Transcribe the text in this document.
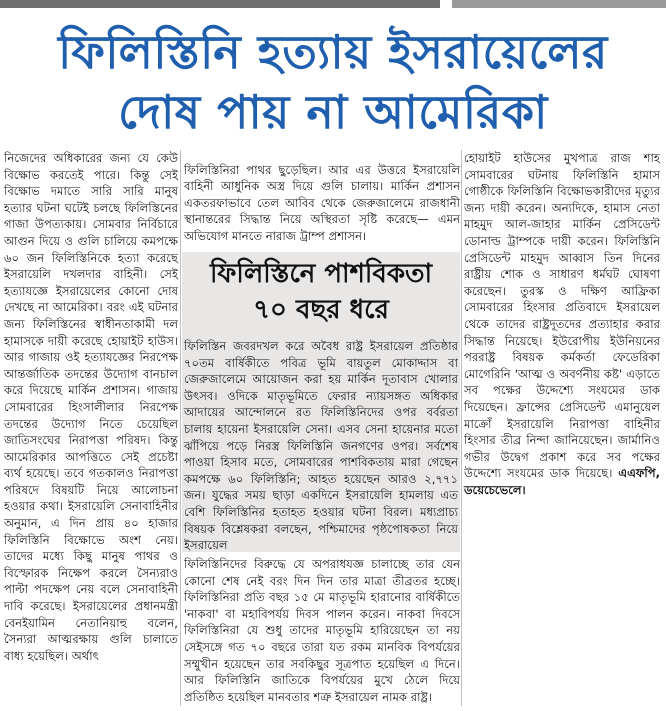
ফিলিস্তিনি হত্যায় ইসরায়েলের
দোষ পায় না আমেরিকা

নিজেদের অধিকারের জন্য যে কেউ বিক্ষোভ করতেই পারে। কিন্তু সেই বিক্ষোভ দমাতে সারি সারি মানুষ হত্যার ঘটনা ঘটেই চলছে ফিলিস্তিনের গাজা উপত্যকায়। সোমবার নির্বিচারে আগুন দিয়ে ও গুলি চালিয়ে কমপক্ষে ৬০ জন ফিলিস্তিনিকে হত্যা করেছে ইসরায়েলি দখলদার বাহিনী। সেই হত্যাযজ্ঞে ইসরায়েলের কোনো দোষ দেখছে না আমেরিকা। বরং এই ঘটনার জন্য ফিলিস্তিনের স্বাধীনতাকামী দল হামাসকে দায়ী করেছে হোয়াইট হাউস। আর গাজায় ওই হত্যাযজ্ঞের নিরপেক্ষ আন্তর্জাতিক তদন্তের উদ্যোগ বানচাল করে দিয়েছে মার্কিন প্রশাসন। গাজায় সোমবারের হিংসালীলার নিরপেক্ষ তদন্তের উদ্যোগ নিতে চেয়েছিল জাতিসংঘের নিরাপত্তা পরিষদ। কিন্তু আমেরিকার আপত্তিতে সেই প্রচেষ্টা ব্যর্থ হয়েছে। তবে গতকালও নিরাপত্তা পরিষদে বিষয়টি নিয়ে আলোচনা হওয়ার কথা। ইসরায়েলি সেনাবাহিনীর অনুমান, এ দিন প্রায় ৪০ হাজার ফিলিস্তিনি বিক্ষোভে অংশ নেয়। তাদের মধ্যে কিছু মানুষ পাথর ও বিস্ফোরক নিক্ষেপ করলে সৈন্যরাও পাল্টা পদক্ষেপ নেয় বলে সেনাবাহিনী দাবি করেছে। ইসরায়েলের প্রধানমন্ত্রী বেনইয়ামিন নেতানিয়াহু বলেন, সৈন্যরা আত্মরক্ষায় গুলি চালাতে বাধ্য হয়েছিল। অর্থাৎ

ফিলিস্তিনিরা পাথর ছুড়েছিল। আর এর উত্তরে ইসরায়েলি বাহিনী আধুনিক অস্ত্র দিয়ে গুলি চালায়। মার্কিন প্রশাসন একতরফাভাবে তেল আবিব থেকে জেরুজালেমে রাজধানী স্থানান্তরের সিদ্ধান্ত নিয়ে অস্থিরতা সৃষ্টি করেছে— এমন অভিযোগ মানতে নারাজ ট্রাম্প প্রশাসন।

ফিলিস্তিনে পাশবিকতা
৭০ বছর ধরে

ফিলিস্তিন জবরদখল করে অবৈধ রাষ্ট্র ইসরায়েল প্রতিষ্ঠার ৭০তম বার্ষিকীতে পবিত্র ভূমি বায়তুল মোকাদ্দাস বা জেরুজালেমে আয়োজন করা হয় মার্কিন দূতাবাস খোলার উৎসব। ওদিকে মাতৃভূমিতে ফেরার ন্যায়সঙ্গত অধিকার আদায়ের আন্দোলনে রত ফিলিস্তিনিদের ওপর বর্বরতা চালায় হায়েনা ইসরায়েলি সেনা। এসব সেনা হায়েনার মতো ঝাঁপিয়ে পড়ে নিরস্ত্র ফিলিস্তিনি জনগণের ওপর। সর্বশেষ পাওয়া হিসাব মতে, সোমবারের পাশবিকতায় মারা গেছেন কমপক্ষে ৬০ ফিলিস্তিনি; আহত হয়েছেন আরও ২,৭৭১ জন। যুদ্ধের সময় ছাড়া একদিনে ইসরায়েলি হামলায় এত বেশি ফিলিস্তিনির হতাহত হওয়ার ঘটনা বিরল। মধ্যপ্রাচ্য বিষয়ক বিশ্লেষকরা বলছেন, পশ্চিমাদের পৃষ্ঠপোষকতা নিয়ে ইসরায়েল

ফিলিস্তিনিদের বিরুদ্ধে যে অপরাধযজ্ঞ চালাচ্ছে তার যেন কোনো শেষ নেই বরং দিন দিন তার মাত্রা তীব্রতর হচ্ছে। ফিলিস্তিনিরা প্রতি বছর ১৫ মে মাতৃভূমি হারানোর বার্ষিকীতে 'নাকবা' বা মহাবিপর্যয় দিবস পালন করেন। নাকবা দিবসে ফিলিস্তিনিরা যে শুধু তাদের মাতৃভূমি হারিয়েছেন তা নয় সেইসঙ্গে গত ৭০ বছরে তারা যত রকম মানবিক বিপর্যয়ের সম্মুখীন হয়েছেন তার সবকিছুর সূত্রপাত হয়েছিল এ দিনে। আর ফিলিস্তিনি জাতিকে বিপর্যয়ের মুখে ঠেলে দিয়ে প্রতিষ্ঠিত হয়েছিল মানবতার শত্রু ইসরায়েল নামক রাষ্ট্র।

হোয়াইট হাউসের মুখপাত্র রাজ শাহ সোমবারের ঘটনায় ফিলিস্তিনি হামাস গোষ্ঠীকে ফিলিস্তিনি বিক্ষোভকারীদের মৃত্যুর জন্য দায়ী করেন। অন্যদিকে, হামাস নেতা মাহমুদ আল-জাহার মার্কিন প্রেসিডেন্ট ডোনাল্ড ট্রাম্পকে দায়ী করেন। ফিলিস্তিনি প্রেসিডেন্ট মাহমুদ আব্বাস তিন দিনের রাষ্ট্রীয় শোক ও সাধারণ ধর্মঘট ঘোষণা করেছেন। তুরস্ক ও দক্ষিণ আফ্রিকা সোমবারের হিংসার প্রতিবাদে ইসরায়েল থেকে তাদের রাষ্ট্রদূতদের প্রত্যাহার করার সিদ্ধান্ত নিয়েছে। ইউরোপীয় ইউনিয়নের পররাষ্ট্র বিষয়ক কর্মকর্তা ফেডেরিকা মোগেরিনি 'আত্ম ও অবর্ণনীয় কষ্ট' এড়াতে সব পক্ষের উদ্দেশ্যে সংযমের ডাক দিয়েছেন। ফ্রান্সের প্রেসিডেন্ট এমানুয়েল মাক্রোঁ ইসরায়েলি নিরাপত্তা বাহিনীর হিংসার তীব্র নিন্দা জানিয়েছেন। জার্মানিও গভীর উদ্বেগ প্রকাশ করে সব পক্ষের উদ্দেশ্যে সংযমের ডাক দিয়েছে। এএফপি, ডয়েচেভেলে।
